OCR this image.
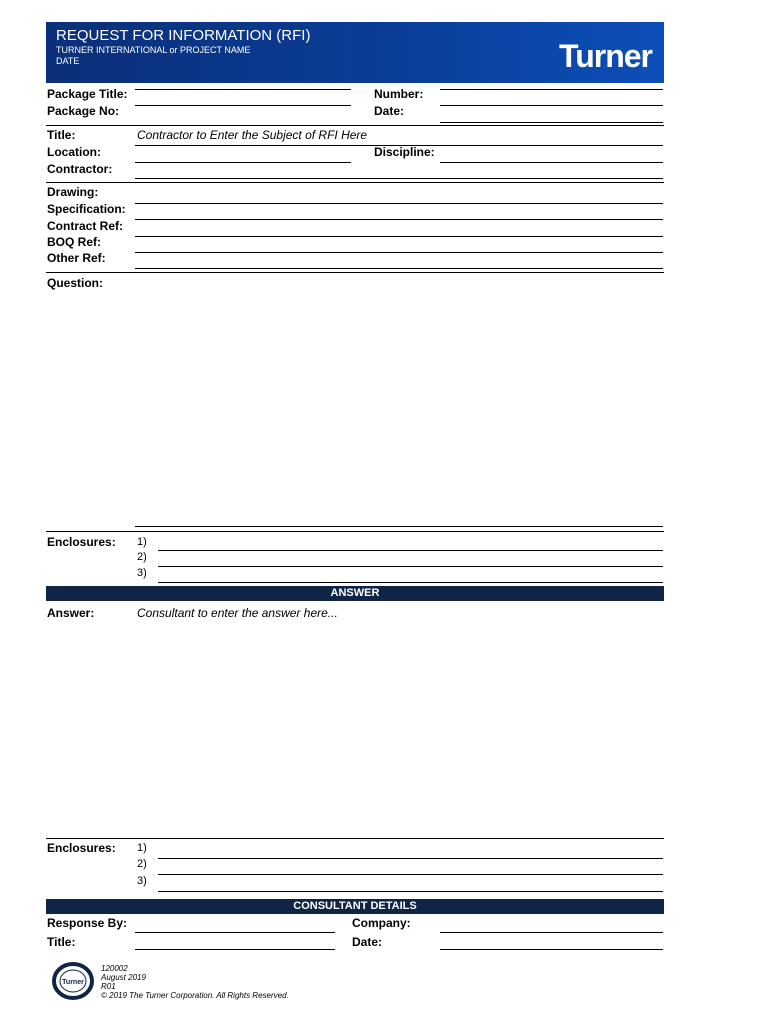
REQUEST FOR INFORMATION (RFI)
TURNER INTERNATIONAL or PROJECT NAME
DATE	Turner
Package Title:	Number:
Package No:	Date:
Title:	Contractor to Enter the Subject of RFI Here
Location:	Discipline:
Contractor:
Drawing:
Specification:
Contract Ref:
BOQ Ref:
Other Ref:
Question:
Enclosures: 1)
2)
3)
ANSWER
Answer:	Consultant to enter the answer here...
Enclosures: 1)
2)
3)
CONSULTANT DETAILS
Response By:	Company:
Title:	Date:
Turner
120002
August 2019
R01
© 2019 The Turner Corporation. All Rights Reserved.
